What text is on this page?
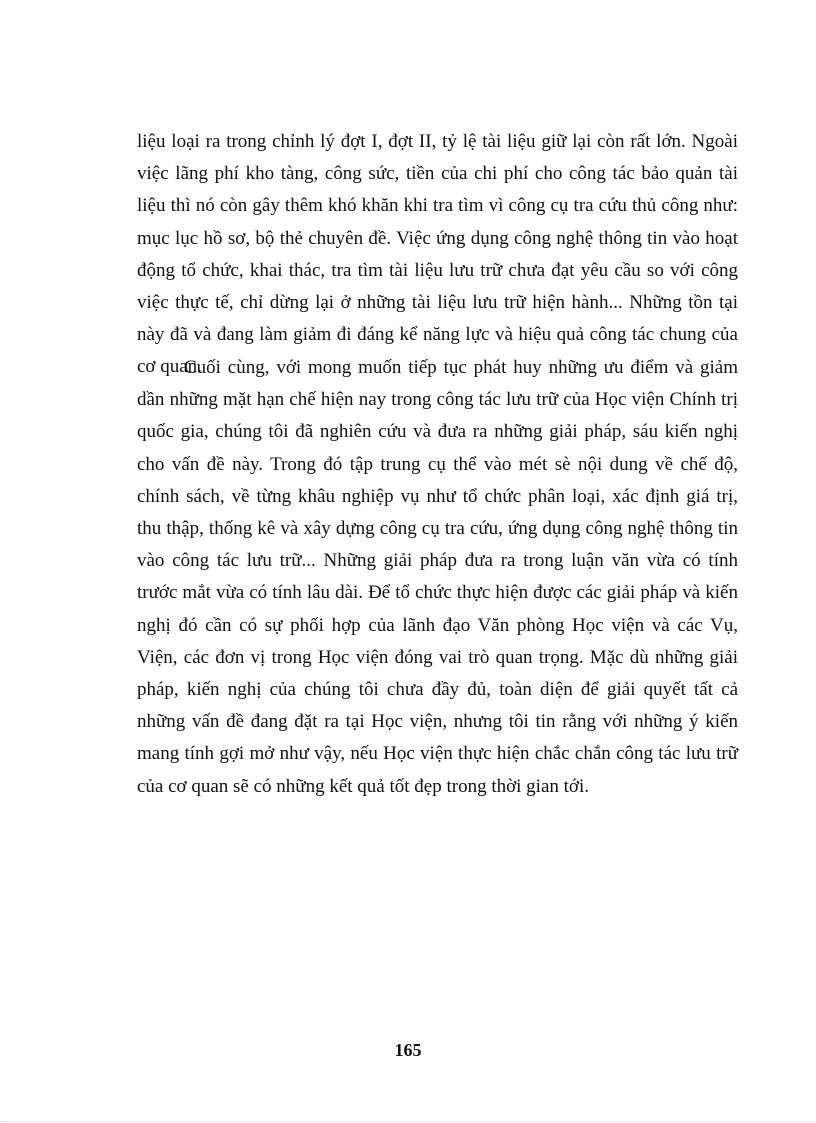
liệu loại ra trong chỉnh lý đợt I, đợt II, tỷ lệ tài liệu giữ lại còn rất lớn. Ngoài
việc lãng phí kho tàng, công sức, tiền của chi phí cho công tác bảo quản tài
liệu thì nó còn gây thêm khó khăn khi tra tìm vì công cụ tra cứu thủ công như:
mục lục hồ sơ, bộ thẻ chuyên đề. Việc ứng dụng công nghệ thông tin vào hoạt
động tổ chức, khai thác, tra tìm tài liệu lưu trữ chưa đạt yêu cầu so với công
việc thực tế, chỉ dừng lại ở những tài liệu lưu trữ hiện hành... Những tồn tại
này đã và đang làm giảm đi đáng kể năng lực và hiệu quả công tác chung của
cơ quan.
Cuối cùng, với mong muốn tiếp tục phát huy những ưu điểm và giảm
dần những mặt hạn chế hiện nay trong công tác lưu trữ của Học viện Chính trị
quốc gia, chúng tôi đã nghiên cứu và đưa ra những giải pháp, sáu kiến nghị
cho vấn đề này. Trong đó tập trung cụ thể vào mét sè nội dung về chế độ,
chính sách, về từng khâu nghiệp vụ như tổ chức phân loại, xác định giá trị,
thu thập, thống kê và xây dựng công cụ tra cứu, ứng dụng công nghệ thông tin
vào công tác lưu trữ... Những giải pháp đưa ra trong luận văn vừa có tính
trước mắt vừa có tính lâu dài. Để tổ chức thực hiện được các giải pháp và kiến
nghị đó cần có sự phối hợp của lãnh đạo Văn phòng Học viện và các Vụ,
Viện, các đơn vị trong Học viện đóng vai trò quan trọng. Mặc dù những giải
pháp, kiến nghị của chúng tôi chưa đầy đủ, toàn diện để giải quyết tất cả
những vấn đề đang đặt ra tại Học viện, nhưng tôi tin rằng với những ý kiến
mang tính gợi mở như vậy, nếu Học viện thực hiện chắc chắn công tác lưu trữ
của cơ quan sẽ có những kết quả tốt đẹp trong thời gian tới.
165
